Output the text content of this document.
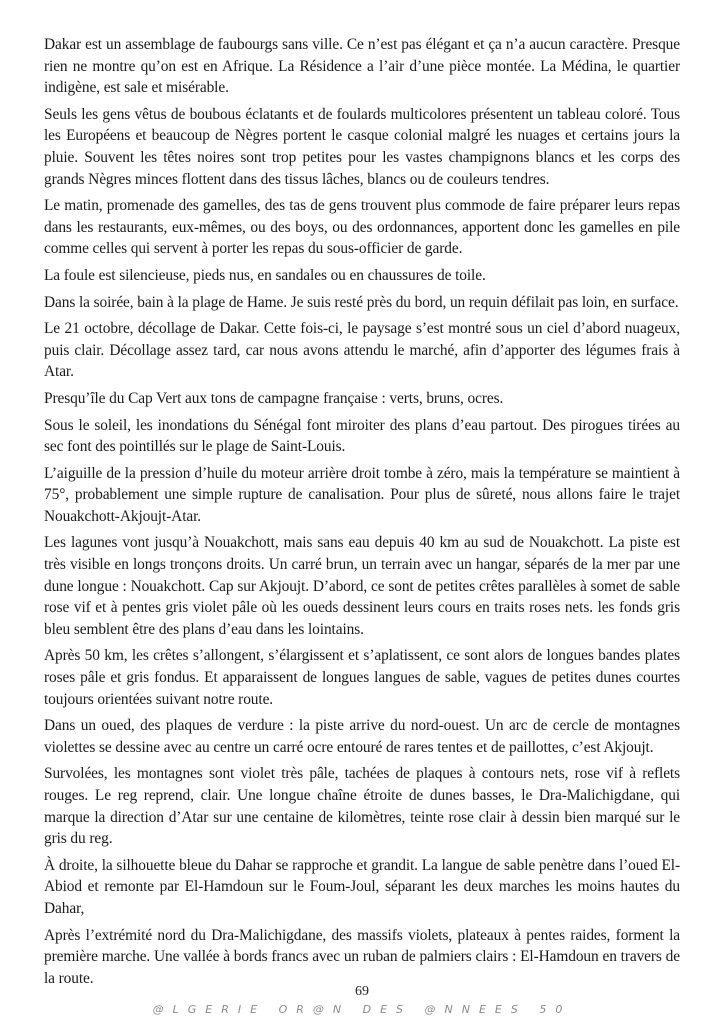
Dakar est un assemblage de faubourgs sans ville. Ce n’est pas élégant et ça n’a aucun caractère. Presque rien ne montre qu’on est en Afrique. La Résidence a l’air d’une pièce montée. La Médina, le quartier indigène, est sale et misérable.

Seuls les gens vêtus de boubous éclatants et de foulards multicolores présentent un tableau coloré. Tous les Européens et beaucoup de Nègres portent le casque colonial malgré les nuages et certains jours la pluie. Souvent les têtes noires sont trop petites pour les vastes champignons blancs et les corps des grands Nègres minces flottent dans des tissus lâches, blancs ou de couleurs tendres.

Le matin, promenade des gamelles, des tas de gens trouvent plus commode de faire préparer leurs repas dans les restaurants, eux-mêmes, ou des boys, ou des ordonnances, apportent donc les gamelles en pile comme celles qui servent à porter les repas du sous-officier de garde.

La foule est silencieuse, pieds nus, en sandales ou en chaussures de toile.

Dans la soirée, bain à la plage de Hame. Je suis resté près du bord, un requin défilait pas loin, en surface.

Le 21 octobre, décollage de Dakar. Cette fois-ci, le paysage s’est montré sous un ciel d’abord nuageux, puis clair. Décollage assez tard, car nous avons attendu le marché, afin d’apporter des légumes frais à Atar.

Presqu’île du Cap Vert aux tons de campagne française : verts, bruns, ocres.

Sous le soleil, les inondations du Sénégal font miroiter des plans d’eau partout. Des pirogues tirées au sec font des pointillés sur le plage de Saint-Louis.

L’aiguille de la pression d’huile du moteur arrière droit tombe à zéro, mais la température se maintient à 75°, probablement une simple rupture de canalisation. Pour plus de sûreté, nous allons faire le trajet Nouakchott-Akjoujt-Atar.

Les lagunes vont jusqu’à Nouakchott, mais sans eau depuis 40 km au sud de Nouakchott. La piste est très visible en longs tronçons droits. Un carré brun, un terrain avec un hangar, séparés de la mer par une dune longue : Nouakchott. Cap sur Akjoujt. D’abord, ce sont de petites crêtes parallèles à somet de sable rose vif et à pentes gris violet pâle où les oueds dessinent leurs cours en traits roses nets. les fonds gris bleu semblent être des plans d’eau dans les lointains.

Après 50 km, les crêtes s’allongent, s’élargissent et s’aplatissent, ce sont alors de longues bandes plates roses pâle et gris fondus. Et apparaissent de longues langues de sable, vagues de petites dunes courtes toujours orientées suivant notre route.

Dans un oued, des plaques de verdure : la piste arrive du nord-ouest. Un arc de cercle de montagnes violettes se dessine avec au centre un carré ocre entouré de rares tentes et de paillottes, c’est Akjoujt.

Survolées, les montagnes sont violet très pâle, tachées de plaques à contours nets, rose vif à reflets rouges. Le reg reprend, clair. Une longue chaîne étroite de dunes basses, le Dra-Malichigdane, qui marque la direction d’Atar sur une centaine de kilomètres, teinte rose clair à dessin bien marqué sur le gris du reg.

À droite, la silhouette bleue du Dahar se rapproche et grandit. La langue de sable penètre dans l’oued El-Abiod et remonte par El-Hamdoun sur le Foum-Joul, séparant les deux marches les moins hautes du Dahar,

Après l’extrémité nord du Dra-Malichigdane, des massifs violets, plateaux à pentes raides, forment la première marche. Une vallée à bords francs avec un ruban de palmiers clairs : El-Hamdoun en travers de la route.

69
@LGERIE OR@N DES @NNEES 50
